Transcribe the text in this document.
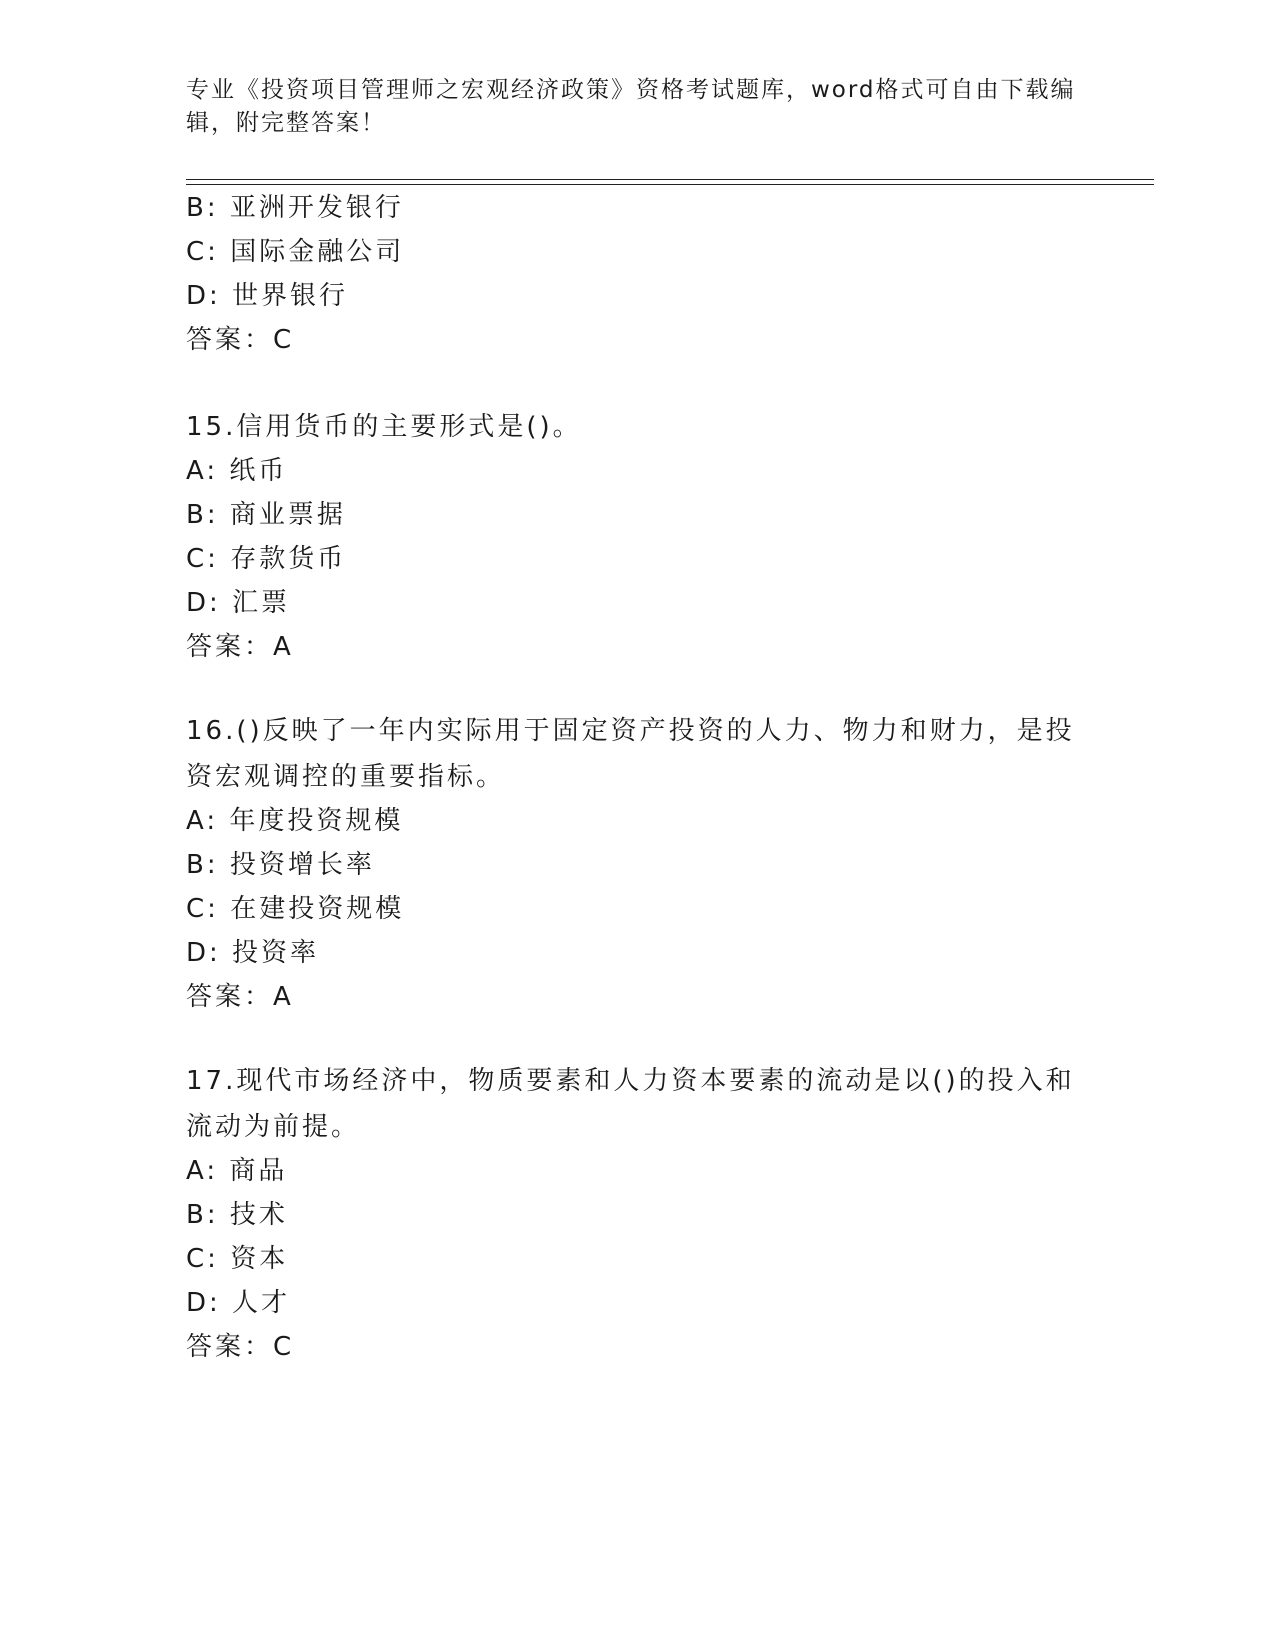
专业《投资项目管理师之宏观经济政策》资格考试题库，word格式可自由下载编辑，附完整答案！
B: 亚洲开发银行
C: 国际金融公司
D: 世界银行
答案：C
15.信用货币的主要形式是()。
A: 纸币
B: 商业票据
C: 存款货币
D: 汇票
答案：A
16.()反映了一年内实际用于固定资产投资的人力、物力和财力，是投资宏观调控的重要指标。
A: 年度投资规模
B: 投资增长率
C: 在建投资规模
D: 投资率
答案：A
17.现代市场经济中，物质要素和人力资本要素的流动是以()的投入和流动为前提。
A: 商品
B: 技术
C: 资本
D: 人才
答案：C
